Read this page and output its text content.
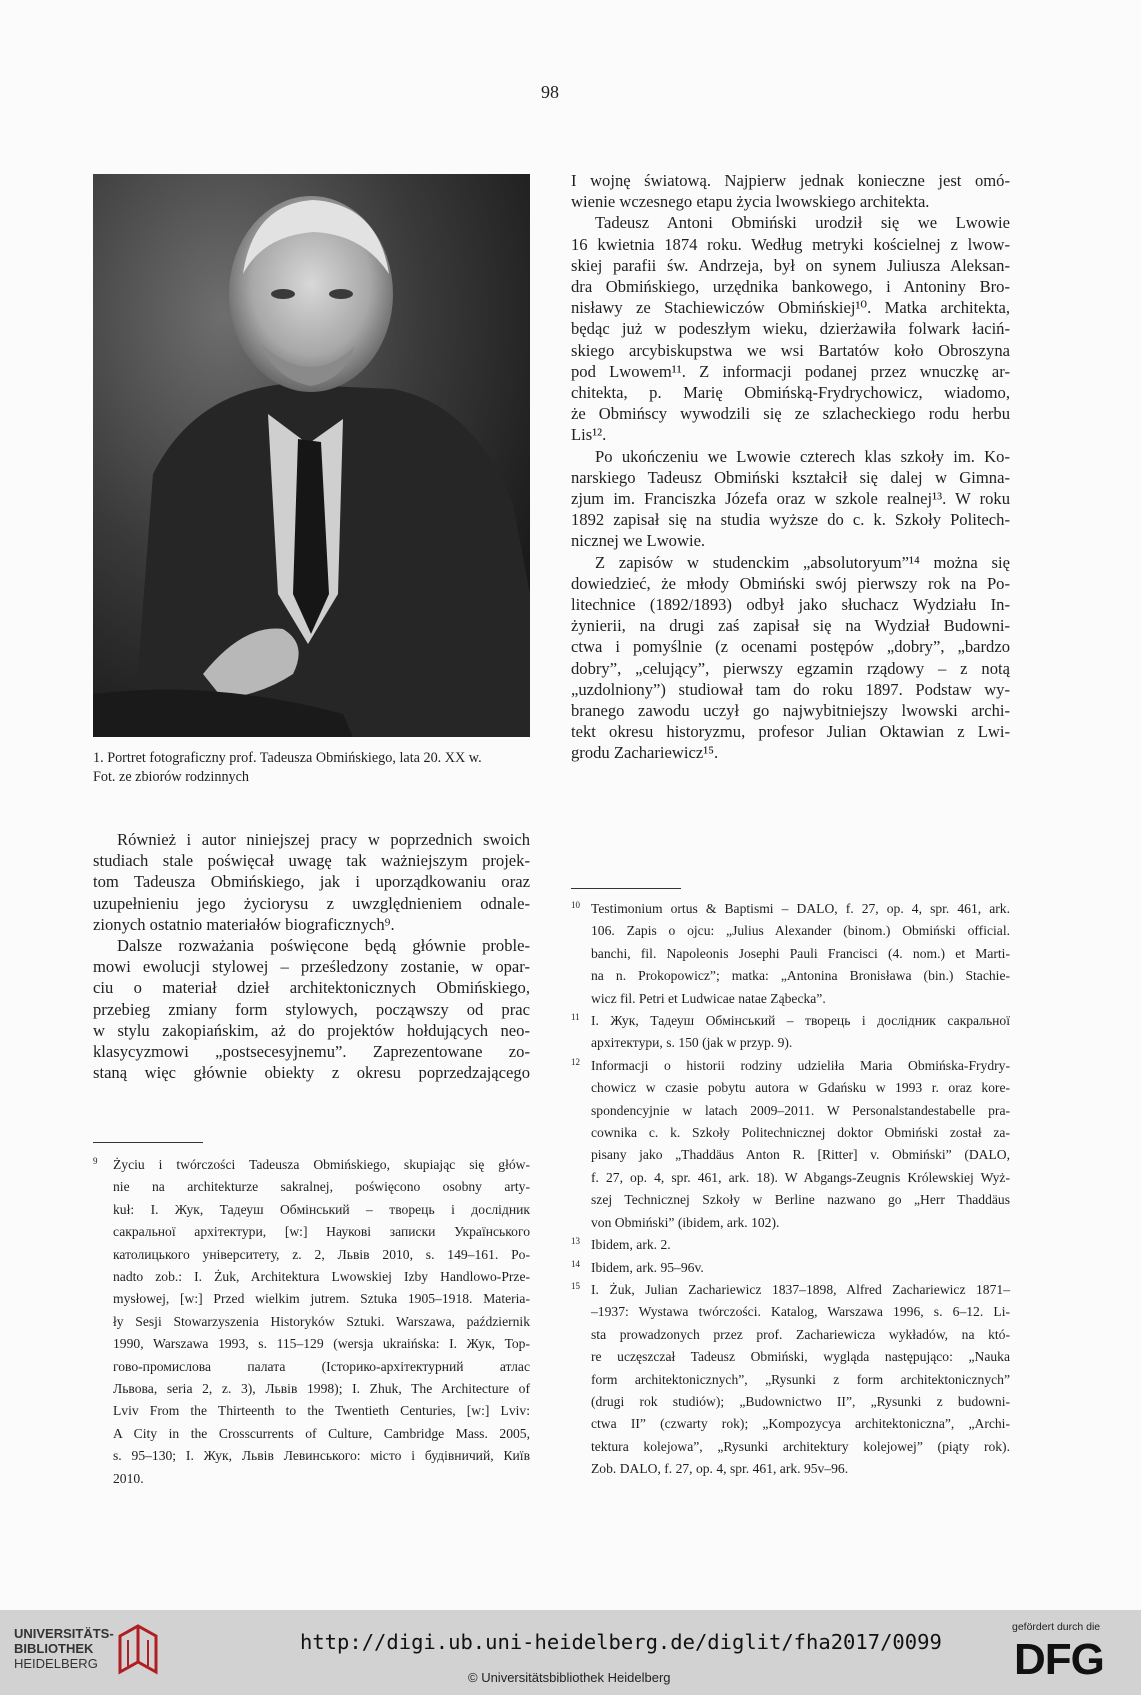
98
1. Portret fotograficzny prof. Tadeusza Obmińskiego, lata 20. XX w.
Fot. ze zbiorów rodzinnych
Również i autor niniejszej pracy w poprzednich swoich
studiach stale poświęcał uwagę tak ważniejszym projek-
tom Tadeusza Obmińskiego, jak i uporządkowaniu oraz
uzupełnieniu jego życiorysu z uwzględnieniem odnale-
zionych ostatnio materiałów biograficznych⁹.
Dalsze rozważania poświęcone będą głównie proble-
mowi ewolucji stylowej – prześledzony zostanie, w opar-
ciu o materiał dzieł architektonicznych Obmińskiego,
przebieg zmiany form stylowych, począwszy od prac
w stylu zakopiańskim, aż do projektów hołdujących neo-
klasycyzmowi „postsecesyjnemu”. Zaprezentowane zo-
staną więc głównie obiekty z okresu poprzedzającego
I wojnę światową. Najpierw jednak konieczne jest omó-
wienie wczesnego etapu życia lwowskiego architekta.
Tadeusz Antoni Obmiński urodził się we Lwowie
16 kwietnia 1874 roku. Według metryki kościelnej z lwow-
skiej parafii św. Andrzeja, był on synem Juliusza Aleksan-
dra Obmińskiego, urzędnika bankowego, i Antoniny Bro-
nisławy ze Stachiewiczów Obmińskiej¹⁰. Matka architekta,
będąc już w podeszłym wieku, dzierżawiła folwark łaciń-
skiego arcybiskupstwa we wsi Bartatów koło Obroszyna
pod Lwowem¹¹. Z informacji podanej przez wnuczkę ar-
chitekta, p. Marię Obmińską-Frydrychowicz, wiadomo,
że Obmińscy wywodzili się ze szlacheckiego rodu herbu
Lis¹².
Po ukończeniu we Lwowie czterech klas szkoły im. Ko-
narskiego Tadeusz Obmiński kształcił się dalej w Gimna-
zjum im. Franciszka Józefa oraz w szkole realnej¹³. W roku
1892 zapisał się na studia wyższe do c. k. Szkoły Politech-
nicznej we Lwowie.
Z zapisów w studenckim „absolutoryum”¹⁴ można się
dowiedzieć, że młody Obmiński swój pierwszy rok na Po-
litechnice (1892/1893) odbył jako słuchacz Wydziału In-
żynierii, na drugi zaś zapisał się na Wydział Budowni-
ctwa i pomyślnie (z ocenami postępów „dobry”, „bardzo
dobry”, „celujący”, pierwszy egzamin rządowy – z notą
„uzdolniony”) studiował tam do roku 1897. Podstaw wy-
branego zawodu uczył go najwybitniejszy lwowski archi-
tekt okresu historyzmu, profesor Julian Oktawian z Lwi-
grodu Zachariewicz¹⁵.
9 Życiu i twórczości Tadeusza Obmińskiego, skupiając się głów-
nie na architekturze sakralnej, poświęcono osobny arty-
kuł: I. Жук, Тадеуш Обмінський – творець і дослідник
сакральної архітектури, [w:] Наукові записки Українського
католицького університету, z. 2, Львів 2010, s. 149–161. Po-
nadto zob.: I. Żuk, Architektura Lwowskiej Izby Handlowo-Prze-
mysłowej, [w:] Przed wielkim jutrem. Sztuka 1905–1918. Materia-
ły Sesji Stowarzyszenia Historyków Sztuki. Warszawa, październik
1990, Warszawa 1993, s. 115–129 (wersja ukraińska: I. Жук, Тор-
гово-промислова палата (Історико-архітектурний атлас
Львова, seria 2, z. 3), Львів 1998); I. Zhuk, The Architecture of
Lviv From the Thirteenth to the Twentieth Centuries, [w:] Lviv:
A City in the Crosscurrents of Culture, Cambridge Mass. 2005,
s. 95–130; I. Жук, Львів Левинського: місто і будівничий, Київ
2010.
10 Testimonium ortus & Baptismi – DALO, f. 27, op. 4, spr. 461, ark.
106. Zapis o ojcu: „Julius Alexander (binom.) Obmiński official.
banchi, fil. Napoleonis Josephi Pauli Francisci (4. nom.) et Marti-
na n. Prokopowicz”; matka: „Antonina Bronisława (bin.) Stachie-
wicz fil. Petri et Ludwicae natae Ząbecka”.
11 I. Жук, Тадеуш Обмінський – творець і дослідник сакральної
архітектури, s. 150 (jak w przyp. 9).
12 Informacji o historii rodziny udzieliła Maria Obmińska-Frydry-
chowicz w czasie pobytu autora w Gdańsku w 1993 r. oraz kore-
spondencyjnie w latach 2009–2011. W Personalstandestabelle pra-
cownika c. k. Szkoły Politechnicznej doktor Obmiński został za-
pisany jako „Thaddäus Anton R. [Ritter] v. Obmiński” (DALO,
f. 27, op. 4, spr. 461, ark. 18). W Abgangs-Zeugnis Królewskiej Wyż-
szej Technicznej Szkoły w Berline nazwano go „Herr Thaddäus
von Obmiński” (ibidem, ark. 102).
13 Ibidem, ark. 2.
14 Ibidem, ark. 95–96v.
15 I. Żuk, Julian Zachariewicz 1837–1898, Alfred Zachariewicz 1871–
–1937: Wystawa twórczości. Katalog, Warszawa 1996, s. 6–12. Li-
sta prowadzonych przez prof. Zachariewicza wykładów, na któ-
re uczęszczał Tadeusz Obmiński, wygląda następująco: „Nauka
form architektonicznych”, „Rysunki z form architektonicznych”
(drugi rok studiów); „Budownictwo II”, „Rysunki z budowni-
ctwa II” (czwarty rok); „Kompozycya architektoniczna”, „Archi-
tektura kolejowa”, „Rysunki architektury kolejowej” (piąty rok).
Zob. DALO, f. 27, op. 4, spr. 461, ark. 95v–96.
UNIVERSITÄTS-
BIBLIOTHEK
HEIDELBERG
http://digi.ub.uni-heidelberg.de/diglit/fha2017/0099
© Universitätsbibliothek Heidelberg
gefördert durch die
DFG
